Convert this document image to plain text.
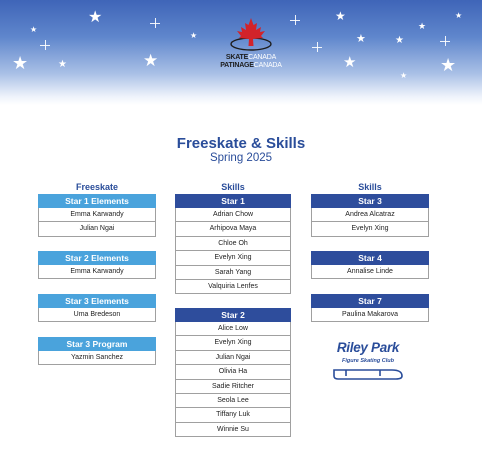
★
★	★	★
★
★
★
★
★
★
★
★
★
★
SKATECANADA
PATINAGECANADA
Freeskate & Skills
Spring 2025
Freeskate	Skills	Skills
Star 1 Elements
Emma Karwandy
Julian Ngai
Star 2 Elements
Emma Karwandy
Star 3 Elements
Uma Bredeson
Star 3 Program
Yazmin Sanchez
Star 1
Adrian Chow
Arhipova Maya
Chloe Oh
Evelyn Xing
Sarah Yang
Valquiria Lenfes
Star 2
Alice Low
Evelyn Xing
Julian Ngai
Olivia Ha
Sadie Ritcher
Seola Lee
Tiffany Luk
Winnie Su
Star 3
Andrea Alcatraz
Evelyn Xing
Star 4
Annalise Linde
Star 7
Paulina Makarova
Riley Park
Figure Skating Club
